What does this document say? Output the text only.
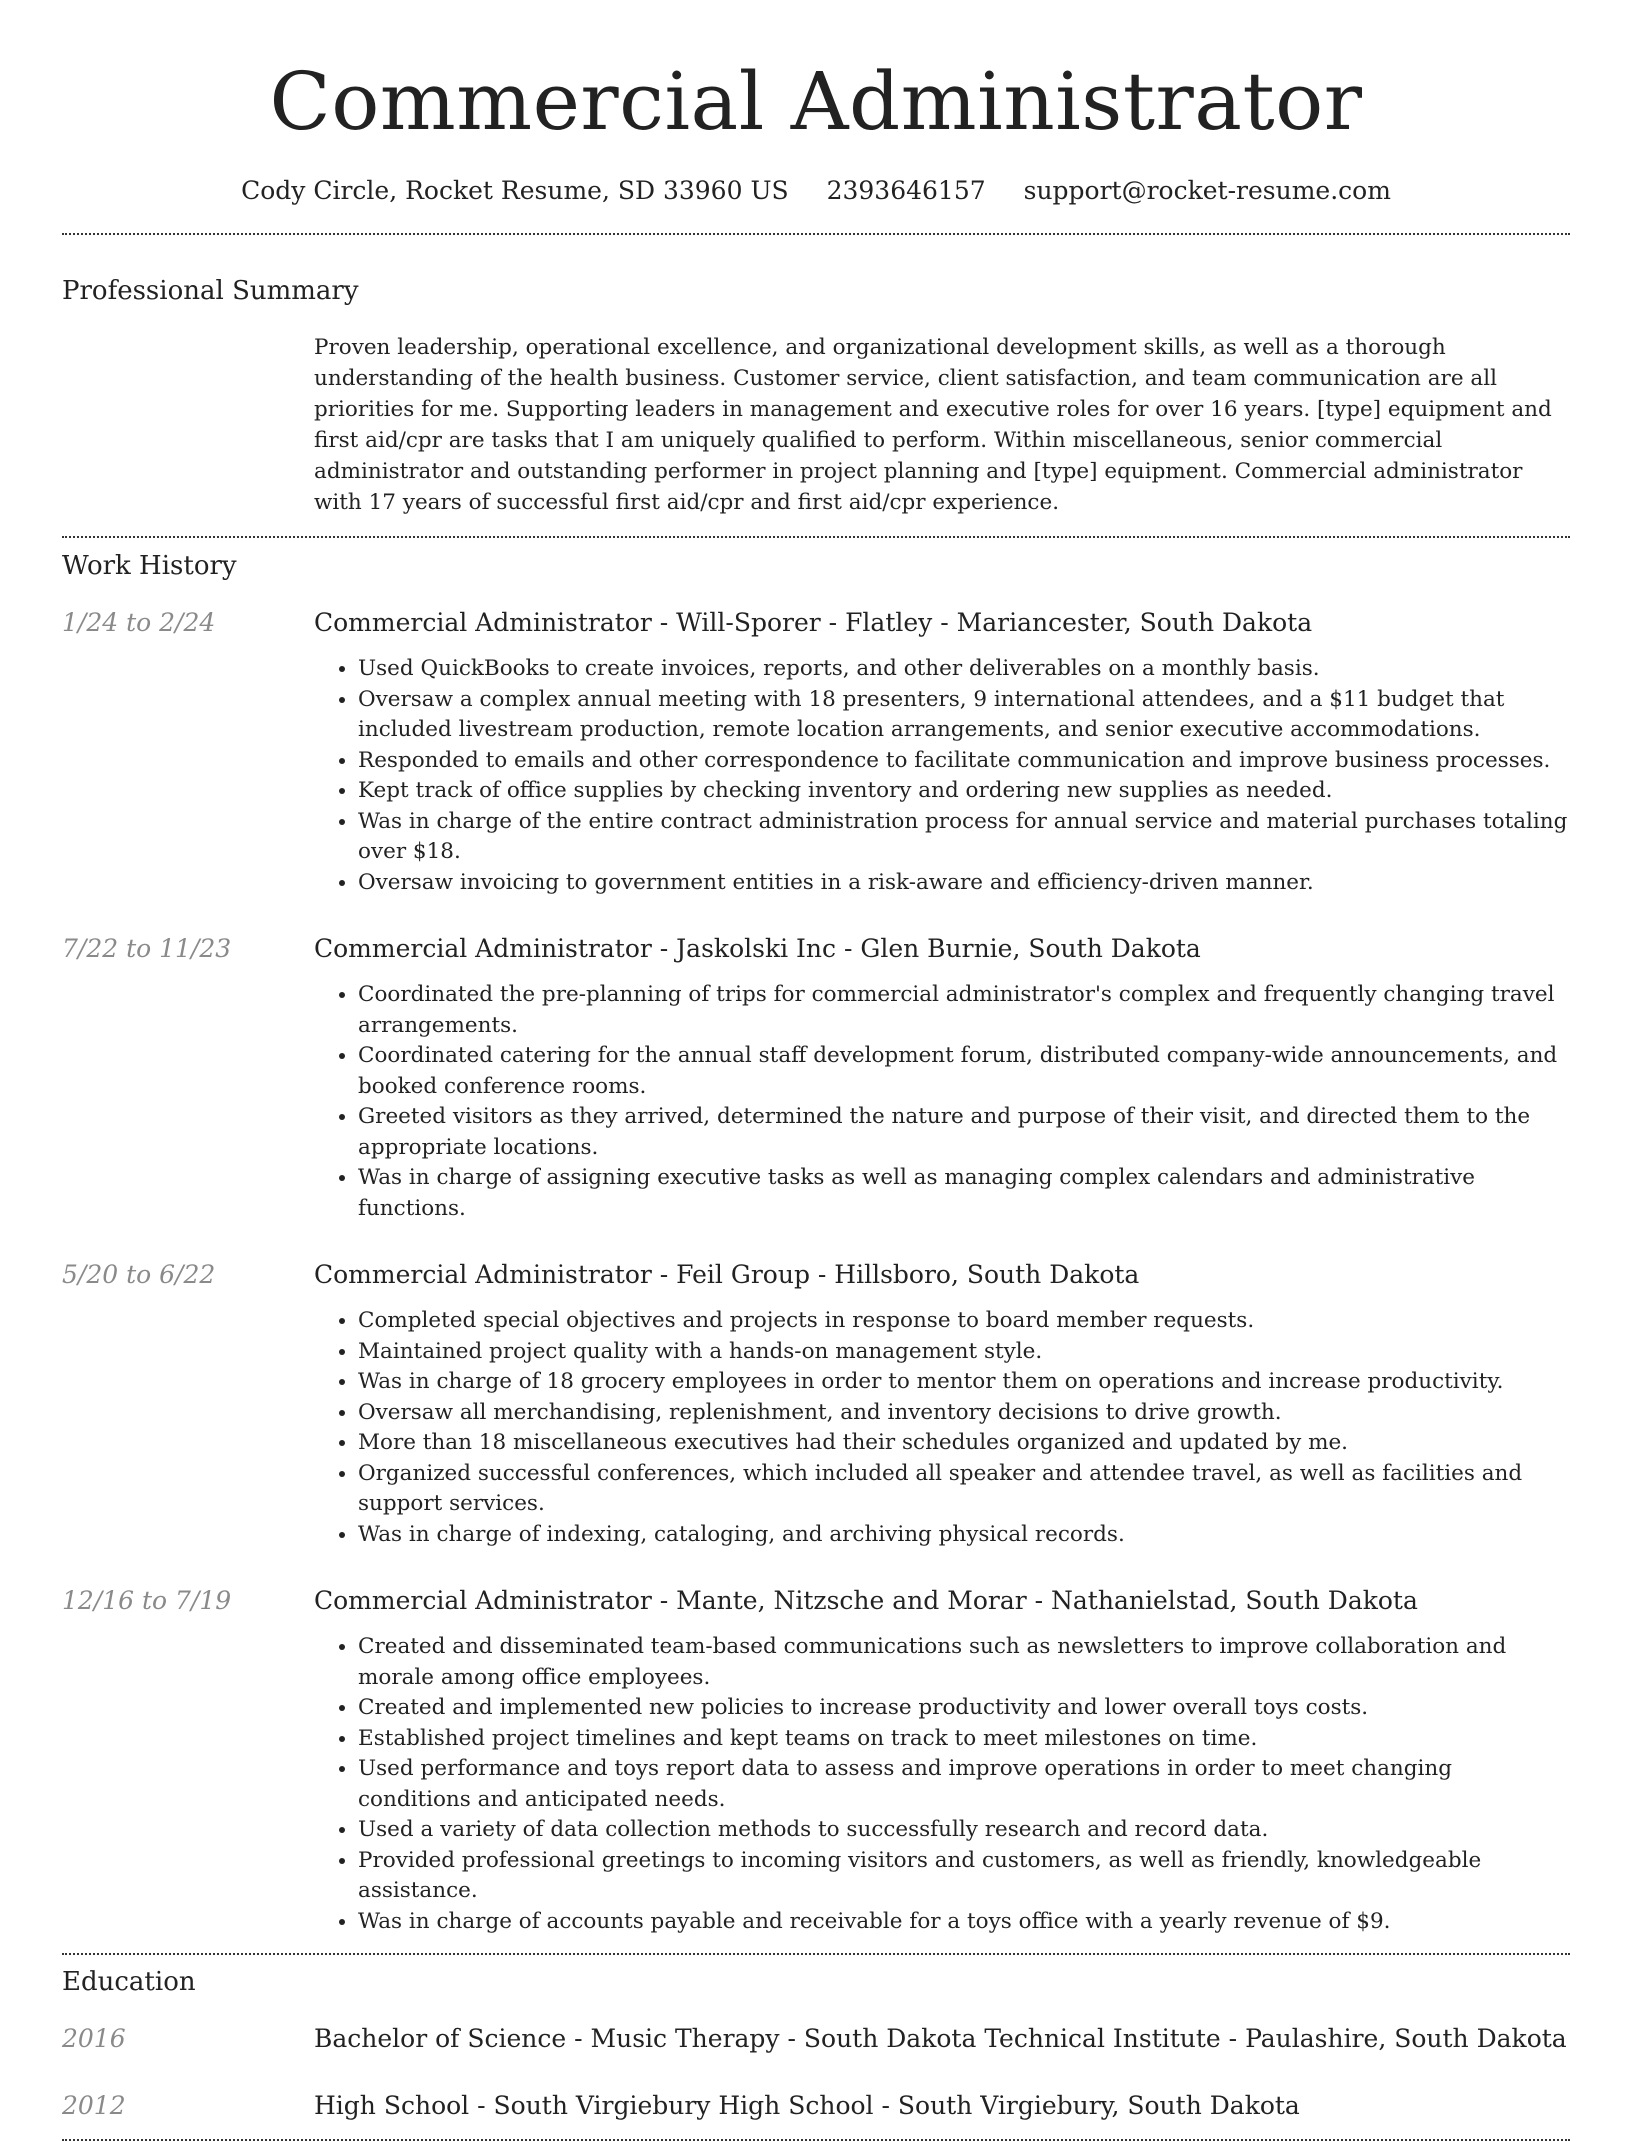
Commercial Administrator
Cody Circle, Rocket Resume, SD 33960 US 2393646157 support@rocket-resume.com
Professional Summary
Proven leadership, operational excellence, and organizational development skills, as well as a thorough understanding of the health business. Customer service, client satisfaction, and team communication are all priorities for me. Supporting leaders in management and executive roles for over 16 years. [type] equipment and first aid/cpr are tasks that I am uniquely qualified to perform. Within miscellaneous, senior commercial administrator and outstanding performer in project planning and [type] equipment. Commercial administrator with 17 years of successful first aid/cpr and first aid/cpr experience.
Work History
1/24 to 2/24	Commercial Administrator - Will-Sporer - Flatley - Mariancester, South Dakota
• Used QuickBooks to create invoices, reports, and other deliverables on a monthly basis.
• Oversaw a complex annual meeting with 18 presenters, 9 international attendees, and a $11 budget that included livestream production, remote location arrangements, and senior executive accommodations.
• Responded to emails and other correspondence to facilitate communication and improve business processes.
• Kept track of office supplies by checking inventory and ordering new supplies as needed.
• Was in charge of the entire contract administration process for annual service and material purchases totaling over $18.
• Oversaw invoicing to government entities in a risk-aware and efficiency-driven manner.
7/22 to 11/23	Commercial Administrator - Jaskolski Inc - Glen Burnie, South Dakota
• Coordinated the pre-planning of trips for commercial administrator's complex and frequently changing travel arrangements.
• Coordinated catering for the annual staff development forum, distributed company-wide announcements, and booked conference rooms.
• Greeted visitors as they arrived, determined the nature and purpose of their visit, and directed them to the appropriate locations.
• Was in charge of assigning executive tasks as well as managing complex calendars and administrative functions.
5/20 to 6/22	Commercial Administrator - Feil Group - Hillsboro, South Dakota
• Completed special objectives and projects in response to board member requests.
• Maintained project quality with a hands-on management style.
• Was in charge of 18 grocery employees in order to mentor them on operations and increase productivity.
• Oversaw all merchandising, replenishment, and inventory decisions to drive growth.
• More than 18 miscellaneous executives had their schedules organized and updated by me.
• Organized successful conferences, which included all speaker and attendee travel, as well as facilities and support services.
• Was in charge of indexing, cataloging, and archiving physical records.
12/16 to 7/19	Commercial Administrator - Mante, Nitzsche and Morar - Nathanielstad, South Dakota
• Created and disseminated team-based communications such as newsletters to improve collaboration and morale among office employees.
• Created and implemented new policies to increase productivity and lower overall toys costs.
• Established project timelines and kept teams on track to meet milestones on time.
• Used performance and toys report data to assess and improve operations in order to meet changing conditions and anticipated needs.
• Used a variety of data collection methods to successfully research and record data.
• Provided professional greetings to incoming visitors and customers, as well as friendly, knowledgeable assistance.
• Was in charge of accounts payable and receivable for a toys office with a yearly revenue of $9.
Education
2016	Bachelor of Science - Music Therapy - South Dakota Technical Institute - Paulashire, South Dakota
2012	High School - South Virgiebury High School - South Virgiebury, South Dakota
